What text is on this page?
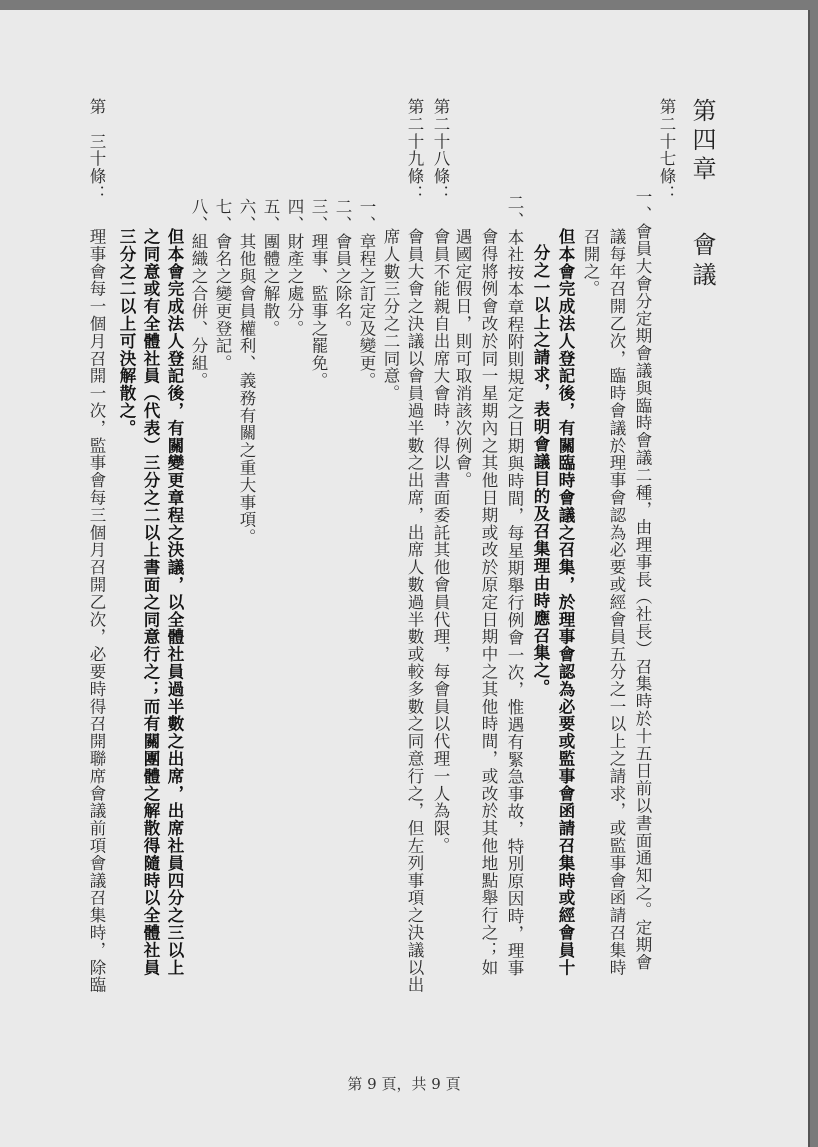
第四章
會議
第二十七條：
一、會員大會分定期會議與臨時會議二種，由理事長（社長）召集時於十五日前以書面通知之。定期會
議每年召開乙次，臨時會議於理事會認為必要或經會員五分之一以上之請求，或監事會函請召集時
召開之。
但本會完成法人登記後，有關臨時會議之召集，於理事會認為必要或監事會函請召集時或經會員十
分之一以上之請求，表明會議目的及召集理由時應召集之。
二、本社按本章程附則規定之日期與時間，每星期舉行例會一次，惟遇有緊急事故，特別原因時，理事
會得將例會改於同一星期內之其他日期或改於原定日期中之其他時間，或改於其他地點舉行之；如
遇國定假日，則可取消該次例會。
第二十八條：
會員不能親自出席大會時，得以書面委託其他會員代理，每會員以代理一人為限。
第二十九條：
會員大會之決議以會員過半數之出席，出席人數過半數或較多數之同意行之，但左列事項之決議以出
席人數三分之二同意。
一、章程之訂定及變更。
二、會員之除名。
三、理事、監事之罷免。
四、財產之處分。
五、團體之解散。
六、其他與會員權利、義務有關之重大事項。
七、會名之變更登記。
八、組織之合併、分組。
但本會完成法人登記後，有關變更章程之決議，以全體社員過半數之出席，出席社員四分之三以上
之同意或有全體社員（代表）三分之二以上書面之同意行之；而有關團體之解散得隨時以全體社員
三分之二以上可決解散之。
第　三十條：
理事會每一個月召開一次，監事會每三個月召開乙次，必要時得召開聯席會議前項會議召集時，除臨
第 9 頁，共 9 頁
